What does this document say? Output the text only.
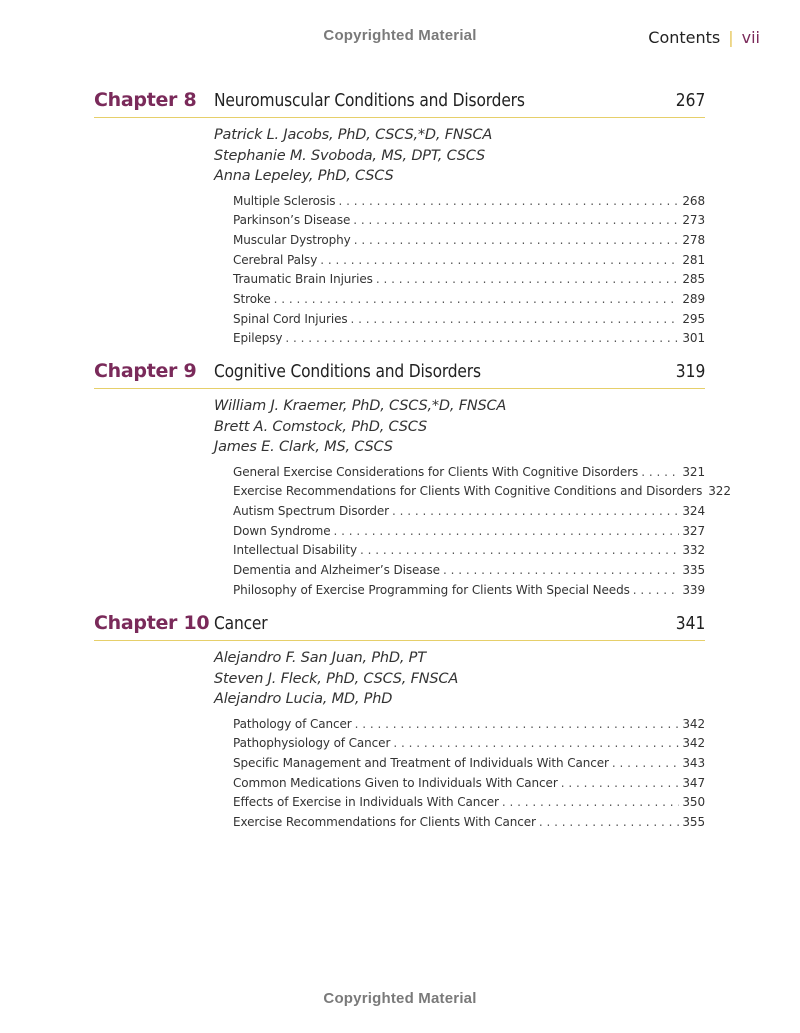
Copyrighted Material	Contents | vii
Chapter 8 Neuromuscular Conditions and Disorders	267
Patrick L. Jacobs, PhD, CSCS,*D, FNSCA
Stephanie M. Svoboda, MS, DPT, CSCS
Anna Lepeley, PhD, CSCS
Multiple Sclerosis . . .	268
Parkinson’s Disease . . .	273
Muscular Dystrophy . . .	278
Cerebral Palsy . . .	281
Traumatic Brain Injuries . . .	285
Stroke . . .	289
Spinal Cord Injuries . . .	295
Epilepsy . . .	301
Chapter 9 Cognitive Conditions and Disorders	319
William J. Kraemer, PhD, CSCS,*D, FNSCA
Brett A. Comstock, PhD, CSCS
James E. Clark, MS, CSCS
General Exercise Considerations for Clients With Cognitive Disorders . . .	321
Exercise Recommendations for Clients With Cognitive Conditions and Disorders 322
Autism Spectrum Disorder . . .	324
Down Syndrome . . .	327
Intellectual Disability . . .	332
Dementia and Alzheimer’s Disease . . .	335
Philosophy of Exercise Programming for Clients With Special Needs . . .	339
Chapter 10 Cancer	341
Alejandro F. San Juan, PhD, PT
Steven J. Fleck, PhD, CSCS, FNSCA
Alejandro Lucia, MD, PhD
Pathology of Cancer . . .	342
Pathophysiology of Cancer . . .	342
Specific Management and Treatment of Individuals With Cancer . . .	343
Common Medications Given to Individuals With Cancer . . .	347
Effects of Exercise in Individuals With Cancer . . .	350
Exercise Recommendations for Clients With Cancer . . .	355
Copyrighted Material
